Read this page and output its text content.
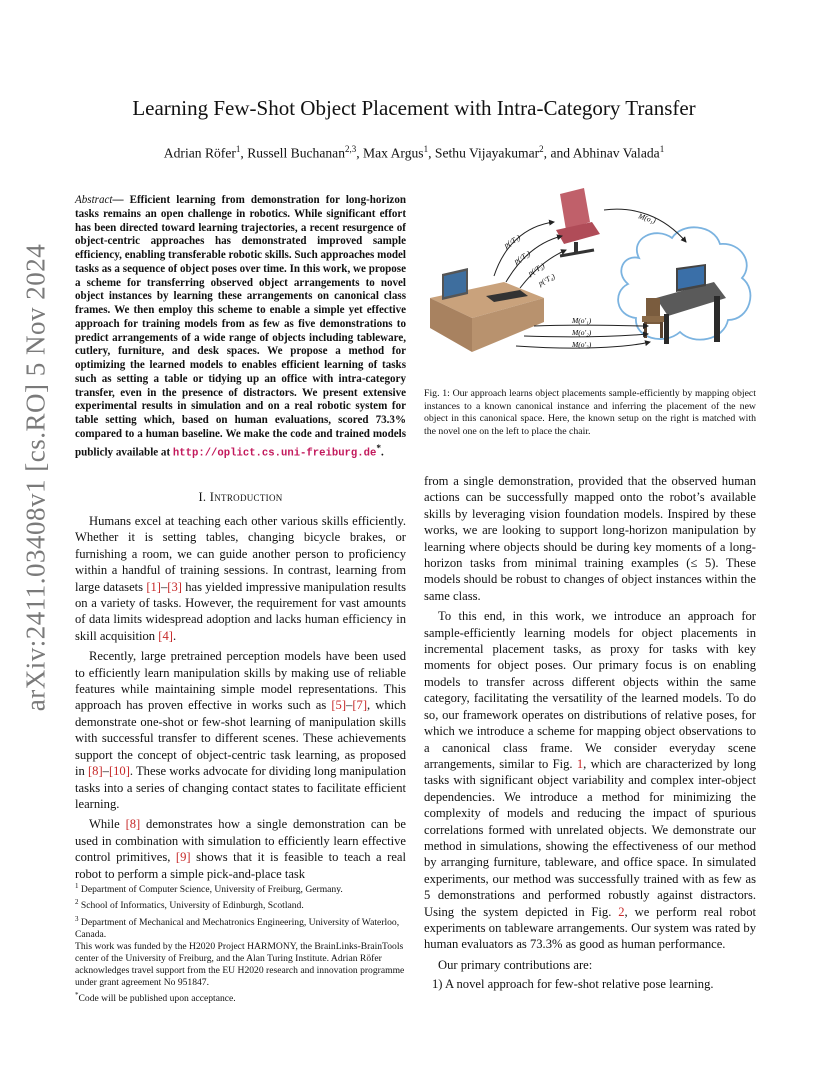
arXiv:2411.03408v1 [cs.RO] 5 Nov 2024
Learning Few-Shot Object Placement with Intra-Category Transfer
Adrian Röfer$^1$, Russell Buchanan$^{2,3}$, Max Argus$^1$, Sethu Vijayakumar$^2$, and Abhinav Valada$^1$
Abstract— Efficient learning from demonstration for long-horizon tasks remains an open challenge in robotics. While significant effort has been directed toward learning trajectories, a recent resurgence of object-centric approaches has demonstrated improved sample efficiency, enabling transferable robotic skills. Such approaches model tasks as a sequence of object poses over time. In this work, we propose a scheme for transferring observed object arrangements to novel object instances by learning these arrangements on canonical class frames. We then employ this scheme to enable a simple yet effective approach for training models from as few as five demonstrations to predict arrangements of a wide range of objects including tableware, cutlery, furniture, and desk spaces. We propose a method for optimizing the learned models to enables efficient learning of tasks such as setting a table or tidying up an office with intra-category transfer, even in the presence of distractors. We present extensive experimental results in simulation and on a real robotic system for table setting which, based on human evaluations, scored 73.3% compared to a human baseline. We make the code and trained models publicly available at http://oplict.cs.uni-freiburg.de*.
I. Introduction

Humans excel at teaching each other various skills efficiently. Whether it is setting tables, changing bicycle brakes, or furnishing a room, we can guide another person to proficiency within a handful of training sessions. In contrast, learning from large datasets [1]–[3] has yielded impressive manipulation results on a variety of tasks. However, the requirement for vast amounts of data limits widespread adoption and lacks human efficiency in skill acquisition [4].

Recently, large pretrained perception models have been used to efficiently learn manipulation skills by making use of reliable features while maintaining simple model representations. This approach has proven effective in works such as [5]–[7], which demonstrate one-shot or few-shot learning of manipulation skills with successful transfer to different scenes. These achievements support the concept of object-centric task learning, as proposed in [8]–[10]. These works advocate for dividing long manipulation tasks into a series of changing contact states to facilitate efficient learning.

While [8] demonstrates how a single demonstration can be used in combination with simulation to efficiently learn effective control primitives, [9] shows that it is feasible to teach a real robot to perform a simple pick-and-place task

$^1$ Department of Computer Science, University of Freiburg, Germany.
$^2$ School of Informatics, University of Edinburgh, Scotland.
$^3$ Department of Mechanical and Mechatronics Engineering, University of Waterloo, Canada.
This work was funded by the H2020 Project HARMONY, the BrainLinks-BrainTools center of the University of Freiburg, and the Alan Turing Institute. Adrian Röfer acknowledges travel support from the EU H2020 research and innovation programme under grant agreement No 951847.
*Code will be published upon acceptance.
p(ᶜT₁)
p(ᶜT₂)
p(ᶜT₃)
p(ᶜT₄)
M(o₁)
M(o′₁)
M(o′₂)
M(o′₃)
Fig. 1: Our approach learns object placements sample-efficiently by mapping object instances to a known canonical instance and inferring the placement of the new object in this canonical space. Here, the known setup on the right is matched with the novel one on the left to place the chair.

from a single demonstration, provided that the observed human actions can be successfully mapped onto the robot’s available skills by leveraging vision foundation models. Inspired by these works, we are looking to support long-horizon manipulation by learning where objects should be during key moments of a long-horizon tasks from minimal training examples (≤ 5). These models should be robust to changes of object instances within the same class.

To this end, in this work, we introduce an approach for sample-efficiently learning models for object placements in incremental placement tasks, as proxy for tasks with key moments for object poses. Our primary focus is on enabling models to transfer across different objects within the same category, facilitating the versatility of the learned models. To do so, our framework operates on distributions of relative poses, for which we introduce a scheme for mapping object observations to a canonical class frame. We consider everyday scene arrangements, similar to Fig. 1, which are characterized by long tasks with significant object variability and complex inter-object dependencies. We introduce a method for minimizing the complexity of models and reducing the impact of spurious correlations formed with unrelated objects. We demonstrate our method in simulations, showing the effectiveness of our method by arranging furniture, tableware, and office space. In simulated experiments, our method was successfully trained with as few as 5 demonstrations and performed robustly against distractors. Using the system depicted in Fig. 2, we perform real robot experiments on tableware arrangements. Our system was rated by human evaluators as 73.3% as good as human performance.

Our primary contributions are:

1) A novel approach for few-shot relative pose learning.
